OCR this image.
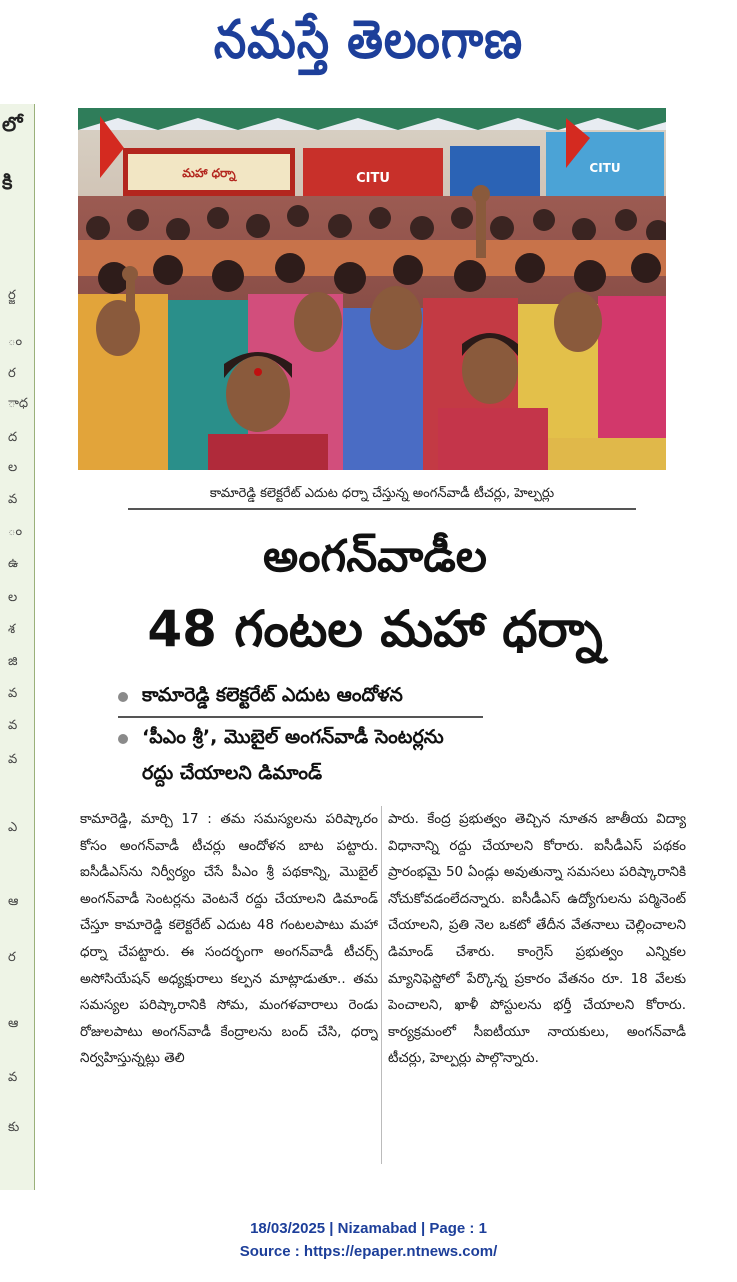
నమస్తే తెలంగాణ
లో
కి
ర్జ
ం
ర
ాధ
ద
ల
వ
ం
ఉ
ల
శ
జి
వ
వ
వ
ఎ
ఆ
ర
ఆ
వ
కు
మహా ధర్నా	CITU
CITU
కామారెడ్డి కలెక్టరేట్ ఎదుట ధర్నా చేస్తున్న అంగన్‌వాడీ టీచర్లు, హెల్పర్లు
అంగన్‌వాడీల
48 గంటల మహా ధర్నా
కామారెడ్డి కలెక్టరేట్ ఎదుట ఆందోళన
‘పీఎం శ్రీ’, మొబైల్ అంగన్‌వాడీ సెంటర్లను
రద్దు చేయాలని డిమాండ్
కామారెడ్డి, మార్చి 17 : తమ సమస్యలను పరిష్కారం కోసం అంగన్‌వాడీ టీచర్లు ఆందోళన బాట పట్టారు. ఐసీడీఎస్‌ను నిర్వీర్యం చేసే పీఎం శ్రీ పథకాన్ని, మొబైల్ అంగన్‌వాడీ సెంటర్లను వెంటనే రద్దు చేయాలని డిమాండ్ చేస్తూ కామారెడ్డి కలెక్టరేట్ ఎదుట 48 గంటలపాటు మహా ధర్నా చేపట్టారు. ఈ సందర్భంగా అంగన్‌వాడీ టీచర్స్ అసోసియేషన్ అధ్యక్షురాలు కల్పన మాట్లాడుతూ.. తమ సమస్యల పరిష్కారానికి సోమ, మంగళవారాలు రెండు రోజులపాటు అంగన్‌వాడీ కేంద్రాలను బంద్ చేసి, ధర్నా నిర్వహిస్తున్నట్లు తెలి
పారు. కేంద్ర ప్రభుత్వం తెచ్చిన నూతన జాతీయ విద్యా విధానాన్ని రద్దు చేయాలని కోరారు. ఐసీడీఎస్ పథకం ప్రారంభమై 50 ఏండ్లు అవుతున్నా సమసలు పరిష్కారానికి నోచుకోవడంలేదన్నారు. ఐసీడీఎస్ ఉద్యోగులను పర్మినెంట్ చేయాలని, ప్రతి నెల ఒకటో తేదీన వేతనాలు చెల్లించాలని డిమాండ్ చేశారు. కాంగ్రెస్ ప్రభుత్వం ఎన్నికల మ్యానిఫెస్టోలో పేర్కొన్న ప్రకారం వేతనం రూ. 18 వేలకు పెంచాలని, ఖాళీ పోస్టులను భర్తీ చేయాలని కోరారు. కార్యక్రమంలో సీఐటీయూ నాయకులు, అంగన్‌వాడీ టీచర్లు, హెల్పర్లు పాల్గొన్నారు.
18/03/2025 | Nizamabad | Page : 1
Source : https://epaper.ntnews.com/
